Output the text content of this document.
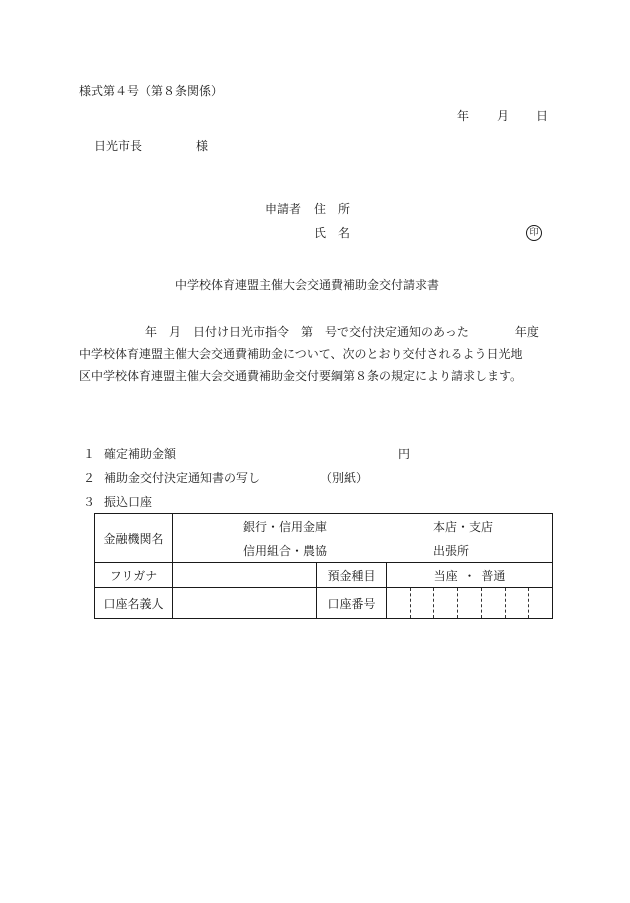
様式第４号（第８条関係）
年 月 日
日光市長	様
申請者 住　所
氏　名	印
中学校体育連盟主催大会交通費補助金交付請求書
年　月　日付け日光市指令　第　号で交付決定通知のあった	年度
中学校体育連盟主催大会交通費補助金について、次のとおり交付されるよう日光地
区中学校体育連盟主催大会交通費補助金交付要綱第８条の規定により請求します。
１ 確定補助金額	円
２ 補助金交付決定通知書の写し	（別紙）
３ 振込口座
金融機関名	銀行・信用金庫 本店・支店
信用組合・農協 出張所		

フリガナ		預金種目	当座 ・ 普通
口座名義人		口座番号	
